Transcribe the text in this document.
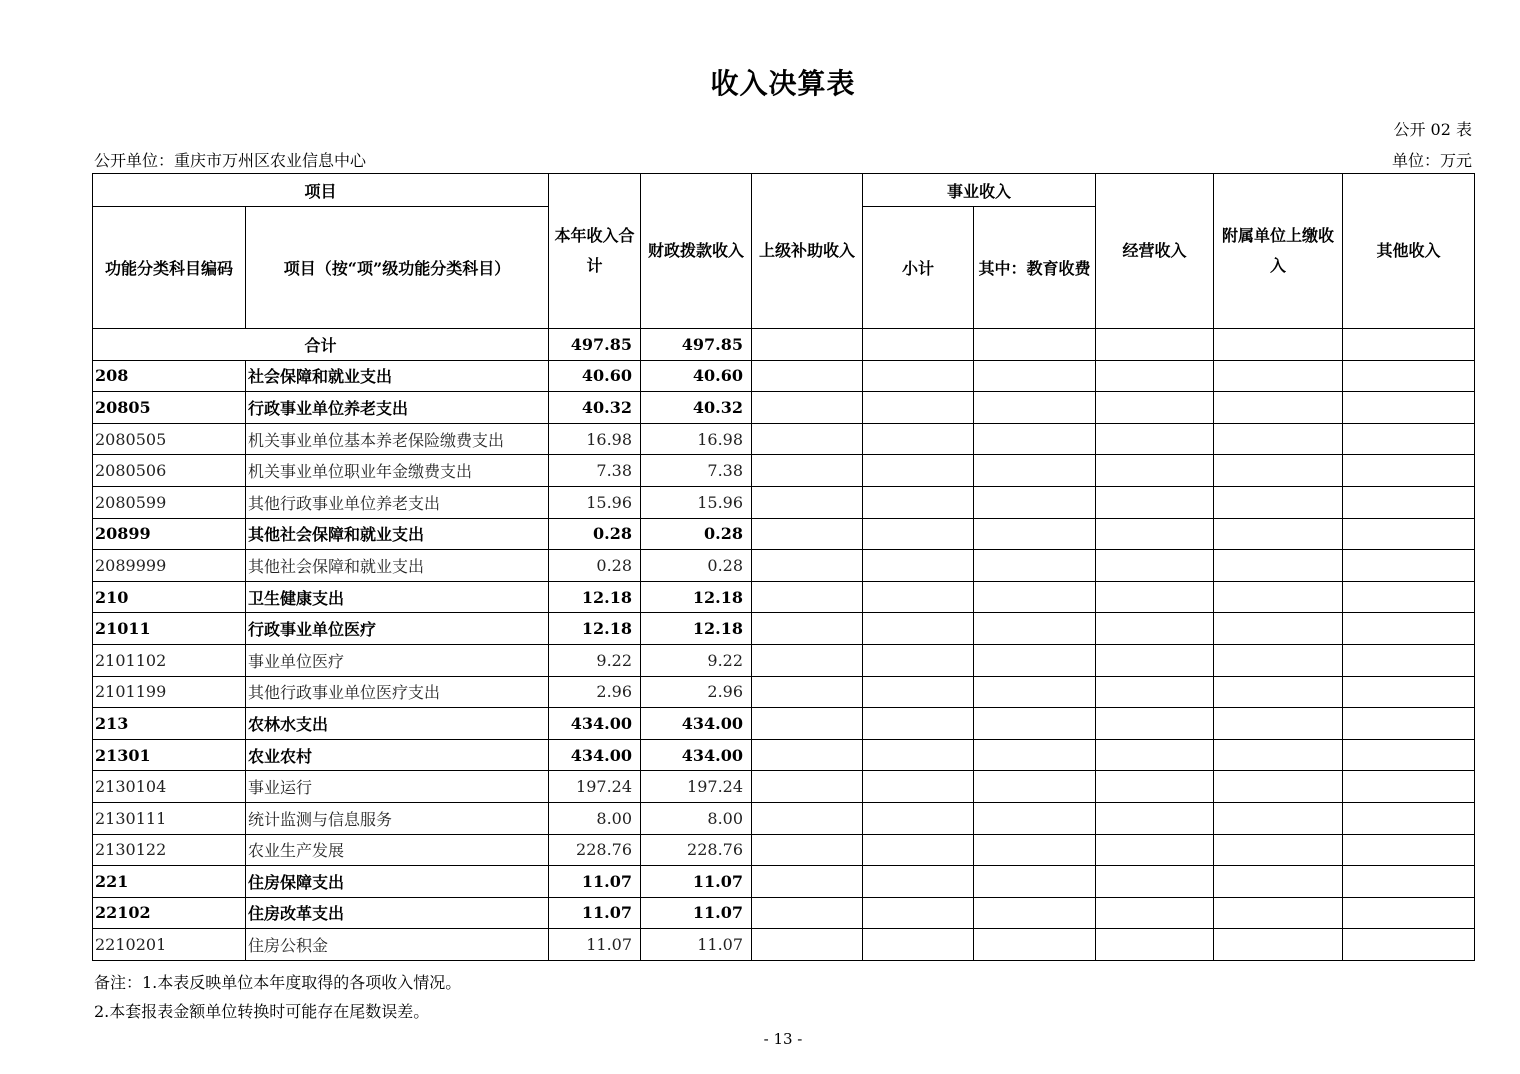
收入决算表
公开 02 表
公开单位：重庆市万州区农业信息中心	单位：万元
项目		本年收入合计	财政拨款收入	上级补助收入	事业收入		经营收入	附属单位上缴收入	其他收入
功能分类科目编码	项目（按“项”级功能分类科目）				小计	其中：教育收费			
合计		497.85	497.85						
208	社会保障和就业支出	40.60	40.60						
20805	行政事业单位养老支出	40.32	40.32						
2080505	机关事业单位基本养老保险缴费支出	16.98	16.98						
2080506	机关事业单位职业年金缴费支出	7.38	7.38						
2080599	其他行政事业单位养老支出	15.96	15.96						
20899	其他社会保障和就业支出	0.28	0.28						
2089999	其他社会保障和就业支出	0.28	0.28						
210	卫生健康支出	12.18	12.18						
21011	行政事业单位医疗	12.18	12.18						
2101102	事业单位医疗	9.22	9.22						
2101199	其他行政事业单位医疗支出	2.96	2.96						
213	农林水支出	434.00	434.00						
21301	农业农村	434.00	434.00						
2130104	事业运行	197.24	197.24						
2130111	统计监测与信息服务	8.00	8.00						
2130122	农业生产发展	228.76	228.76						
221	住房保障支出	11.07	11.07						
22102	住房改革支出	11.07	11.07						
2210201	住房公积金	11.07	11.07						
备注：1.本表反映单位本年度取得的各项收入情况。
2.本套报表金额单位转换时可能存在尾数误差。
- 13 -
